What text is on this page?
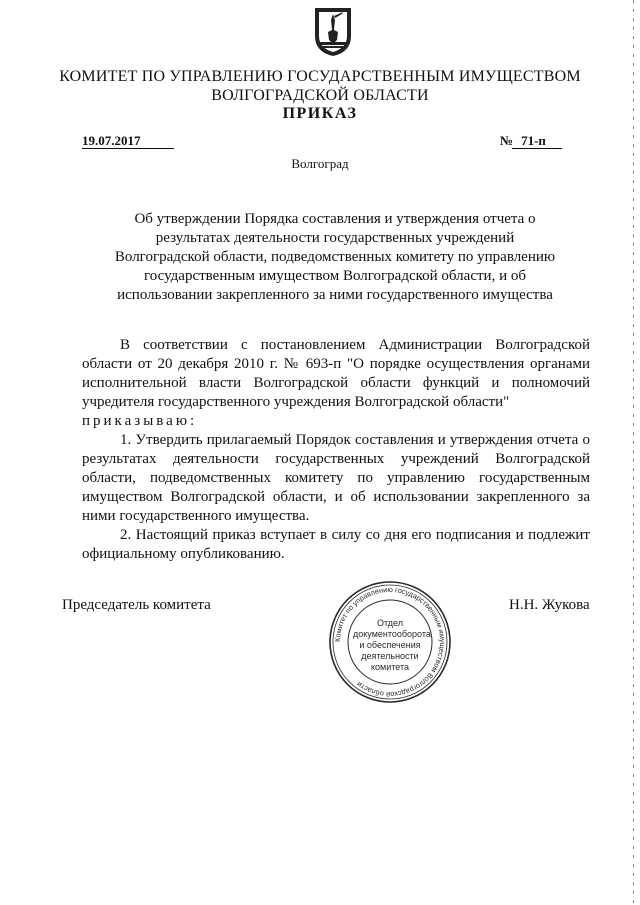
КОМИТЕТ ПО УПРАВЛЕНИЮ ГОСУДАРСТВЕННЫМ ИМУЩЕСТВОМ
ВОЛГОГРАДСКОЙ ОБЛАСТИ
ПРИКАЗ
19.07.2017	№ 71-п
Волгоград
Об утверждении Порядка составления и утверждения отчета о
результатах деятельности государственных учреждений
Волгоградской области, подведомственных комитету по управлению
государственным имуществом Волгоградской области, и об
использовании закрепленного за ними государственного имущества
В соответствии с постановлением Администрации Волгоградской области от 20 декабря 2010 г. № 693-п "О порядке осуществления органами исполнительной власти Волгоградской области функций и полномочий учредителя государственного учреждения Волгоградской области"
приказываю:
1. Утвердить прилагаемый Порядок составления и утверждения отчета о результатах деятельности государственных учреждений Волгоградской области, подведомственных комитету по управлению государственным имуществом Волгоградской области, и об использовании закрепленного за ними государственного имущества.
2. Настоящий приказ вступает в силу со дня его подписания и подлежит официальному опубликованию.
Председатель комитета	Н.Н. Жукова
Комитет по управлению государственным имуществом Волгоградской области
Отдел
документооборота
и обеспечения
деятельности
комитета
